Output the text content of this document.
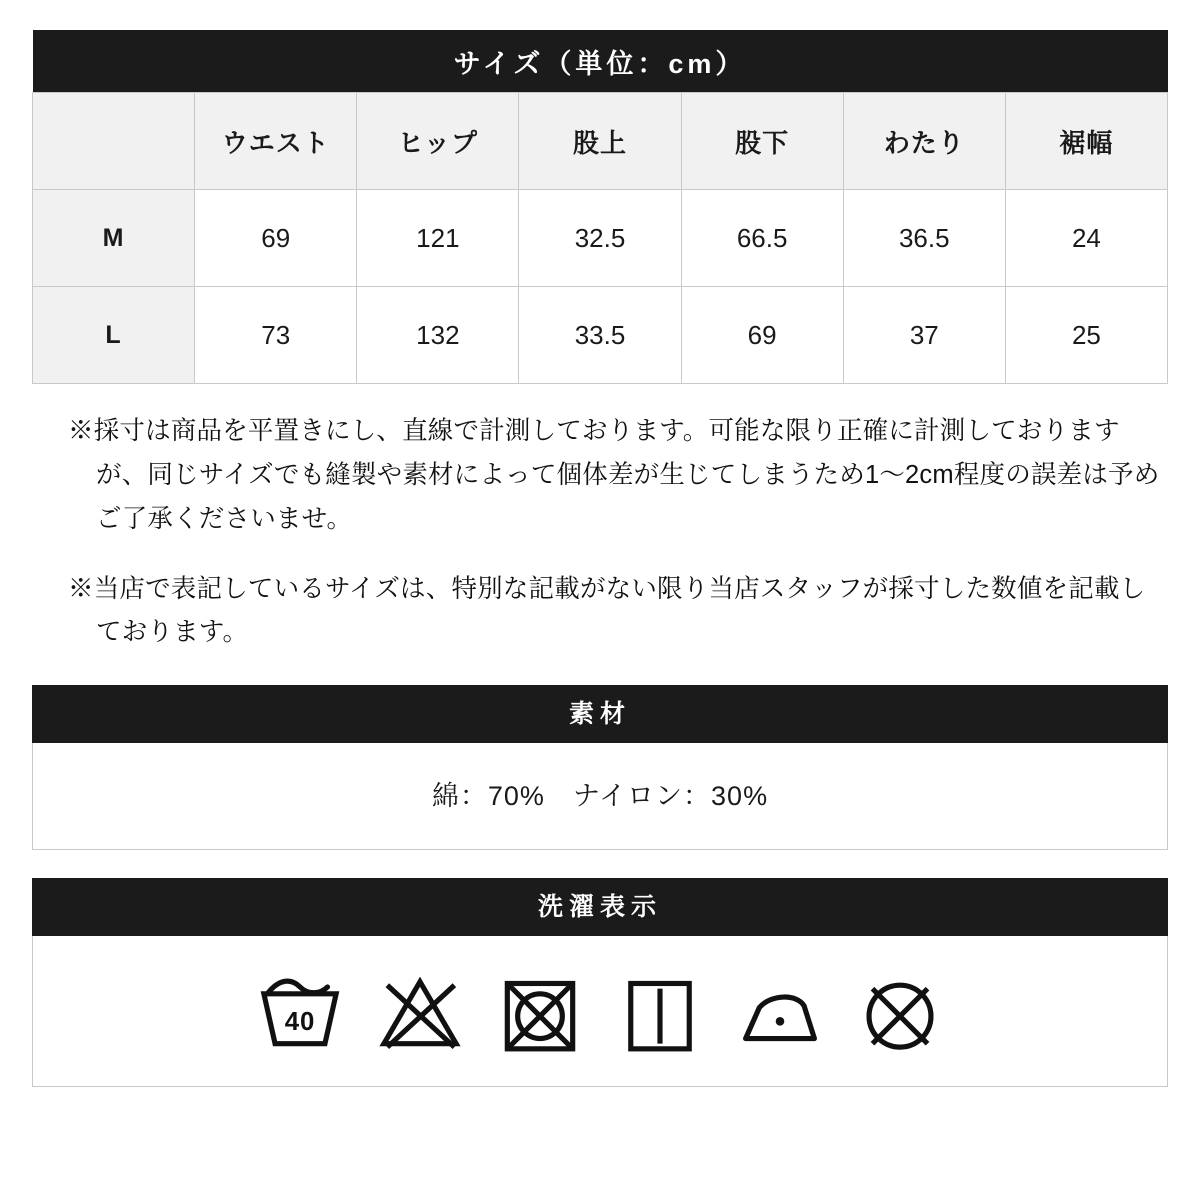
サイズ（単位：cm）						
	ウエスト	ヒップ	股上	股下	わたり	裾幅
M	69	121	32.5	66.5	36.5	24
L	73	132	33.5	69	37	25

※採寸は商品を平置きにし、直線で計測しております。可能な限り正確に計測しておりますが、同じサイズでも縫製や素材によって個体差が生じてしまうため1〜2cm程度の誤差は予めご了承くださいませ。

※当店で表記しているサイズは、特別な記載がない限り当店スタッフが採寸した数値を記載しております。

素材
綿：70%　ナイロン：30%
洗濯表示
40
